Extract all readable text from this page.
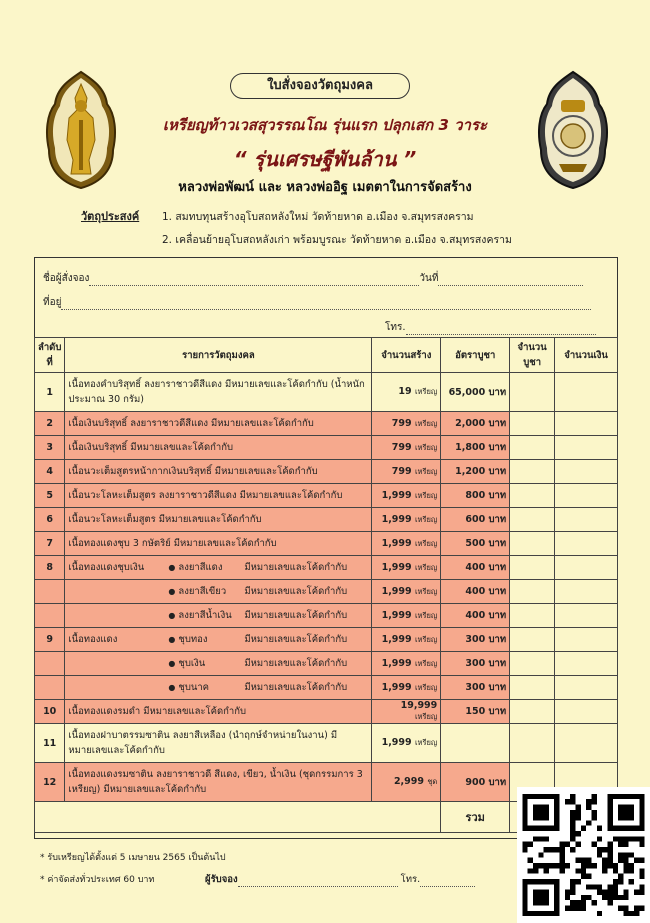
ใบสั่งจองวัตถุมงคล
เหรียญท้าวเวสสุวรรณโณ รุ่นแรก ปลุกเสก 3 วาระ
“ รุ่นเศรษฐีพันล้าน ”
หลวงพ่อพัฒน์ และ หลวงพ่ออิฐ เมตตาในการจัดสร้าง
วัตถุประสงค์ 1. สมทบทุนสร้างอุโบสถหลังใหม่ วัดท้ายหาด อ.เมือง จ.สมุทรสงคราม
2. เคลื่อนย้ายอุโบสถหลังเก่า พร้อมบูรณะ วัดท้ายหาด อ.เมือง จ.สมุทรสงคราม
ชื่อผู้สั่งจอง	วันที่
ที่อยู่
โทร.
ลำดับที่	รายการวัตถุมงคล	จำนวนสร้าง	อัตราบูชา	จำนวนบูชา	จำนวนเงิน
1	เนื้อทองคำบริสุทธิ์ ลงยาราชาวดีสีแดง มีหมายเลขและโค้ดกำกับ (น้ำหนักประมาณ 30 กรัม)	19 เหรียญ	65,000 บาท		
2	เนื้อเงินบริสุทธิ์ ลงยาราชาวดีสีแดง มีหมายเลขและโค้ดกำกับ	799 เหรียญ	2,000 บาท		
3	เนื้อเงินบริสุทธิ์ มีหมายเลขและโค้ดกำกับ	799 เหรียญ	1,800 บาท		
4	เนื้อนวะเต็มสูตรหน้ากากเงินบริสุทธิ์ มีหมายเลขและโค้ดกำกับ	799 เหรียญ	1,200 บาท		
5	เนื้อนวะโลหะเต็มสูตร ลงยาราชาวดีสีแดง มีหมายเลขและโค้ดกำกับ	1,999 เหรียญ	800 บาท		
6	เนื้อนวะโลหะเต็มสูตร มีหมายเลขและโค้ดกำกับ	1,999 เหรียญ	600 บาท		
7	เนื้อทองแดงชุบ 3 กษัตริย์ มีหมายเลขและโค้ดกำกับ	1,999 เหรียญ	500 บาท		
8	เนื้อทองแดงชุบเงิน ● ลงยาสีแดง มีหมายเลขและโค้ดกำกับ	1,999 เหรียญ	400 บาท		
	● ลงยาสีเขียว มีหมายเลขและโค้ดกำกับ	1,999 เหรียญ	400 บาท		
	● ลงยาสีน้ำเงิน มีหมายเลขและโค้ดกำกับ	1,999 เหรียญ	400 บาท		
9	เนื้อทองแดง ● ชุบทอง มีหมายเลขและโค้ดกำกับ	1,999 เหรียญ	300 บาท		
	● ชุบเงิน มีหมายเลขและโค้ดกำกับ	1,999 เหรียญ	300 บาท		
	● ชุบนาค มีหมายเลขและโค้ดกำกับ	1,999 เหรียญ	300 บาท		
10	เนื้อทองแดงรมดำ มีหมายเลขและโค้ดกำกับ	19,999 เหรียญ	150 บาท		
11	เนื้อทองฝาบาตรรมซาติน ลงยาสีเหลือง (นำฤกษ์จำหน่ายในงาน) มีหมายเลขและโค้ดกำกับ	1,999 เหรียญ			
12	เนื้อทองแดงรมซาติน ลงยาราชาวดี สีแดง, เขียว, น้ำเงิน (ชุดกรรมการ 3 เหรียญ) มีหมายเลขและโค้ดกำกับ	2,999 ชุด	900 บาท		
			รวม		
* รับเหรียญได้ตั้งแต่ 5 เมษายน 2565 เป็นต้นไป
* ค่าจัดส่งทั่วประเทศ 60 บาท	ผู้รับจอง	โทร.
